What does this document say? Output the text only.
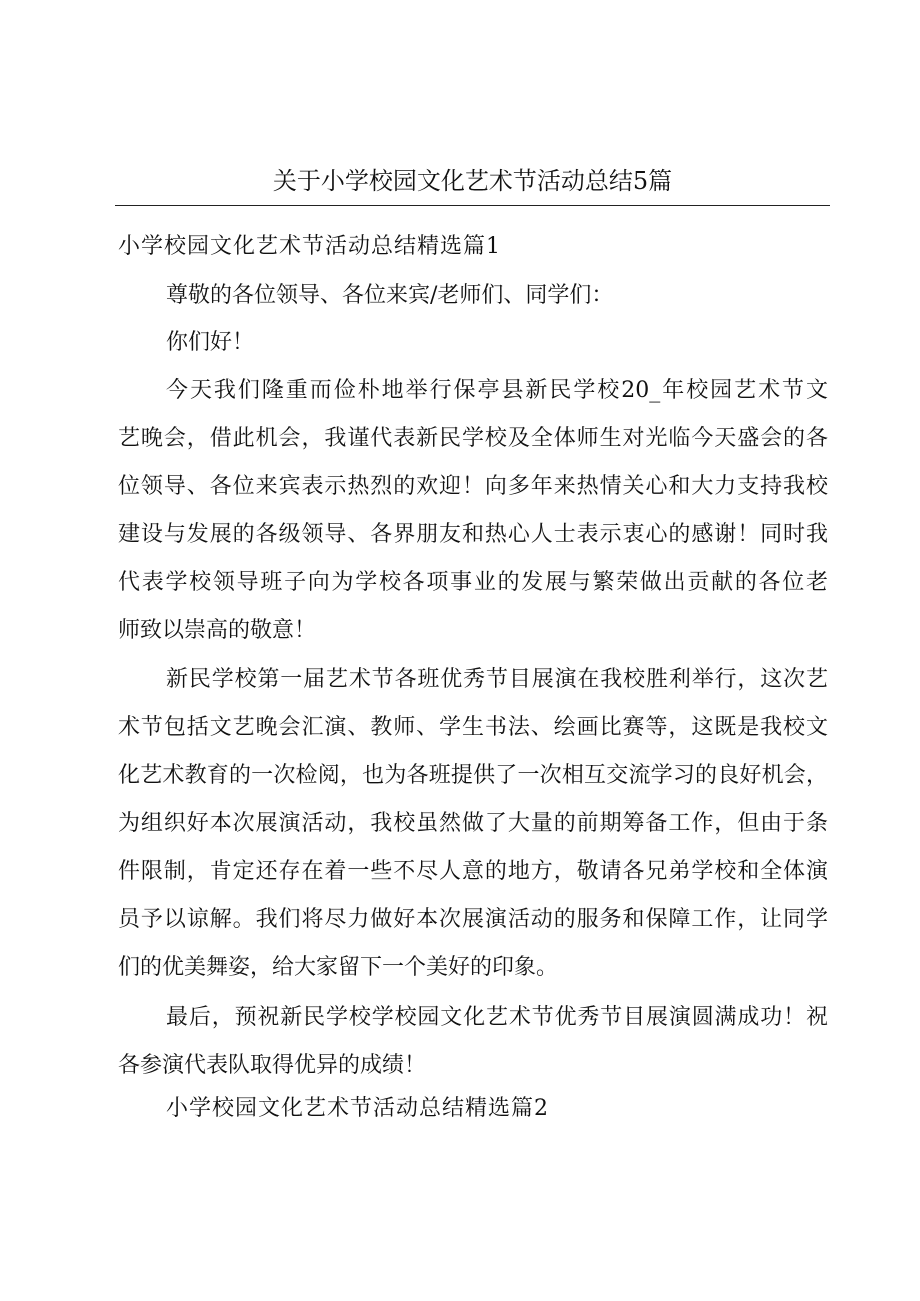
关于小学校园文化艺术节活动总结5篇
小学校园文化艺术节活动总结精选篇1
尊敬的各位领导、各位来宾/老师们、同学们：
你们好！
今天我们隆重而俭朴地举行保亭县新民学校20_年校园艺术节文
艺晚会，借此机会，我谨代表新民学校及全体师生对光临今天盛会的各
位领导、各位来宾表示热烈的欢迎！向多年来热情关心和大力支持我校
建设与发展的各级领导、各界朋友和热心人士表示衷心的感谢！同时我
代表学校领导班子向为学校各项事业的发展与繁荣做出贡献的各位老
师致以崇高的敬意！
新民学校第一届艺术节各班优秀节目展演在我校胜利举行，这次艺
术节包括文艺晚会汇演、教师、学生书法、绘画比赛等，这既是我校文
化艺术教育的一次检阅，也为各班提供了一次相互交流学习的良好机会，
为组织好本次展演活动，我校虽然做了大量的前期筹备工作，但由于条
件限制，肯定还存在着一些不尽人意的地方，敬请各兄弟学校和全体演
员予以谅解。我们将尽力做好本次展演活动的服务和保障工作，让同学
们的优美舞姿，给大家留下一个美好的印象。
最后，预祝新民学校学校园文化艺术节优秀节目展演圆满成功！祝
各参演代表队取得优异的成绩！
小学校园文化艺术节活动总结精选篇2
